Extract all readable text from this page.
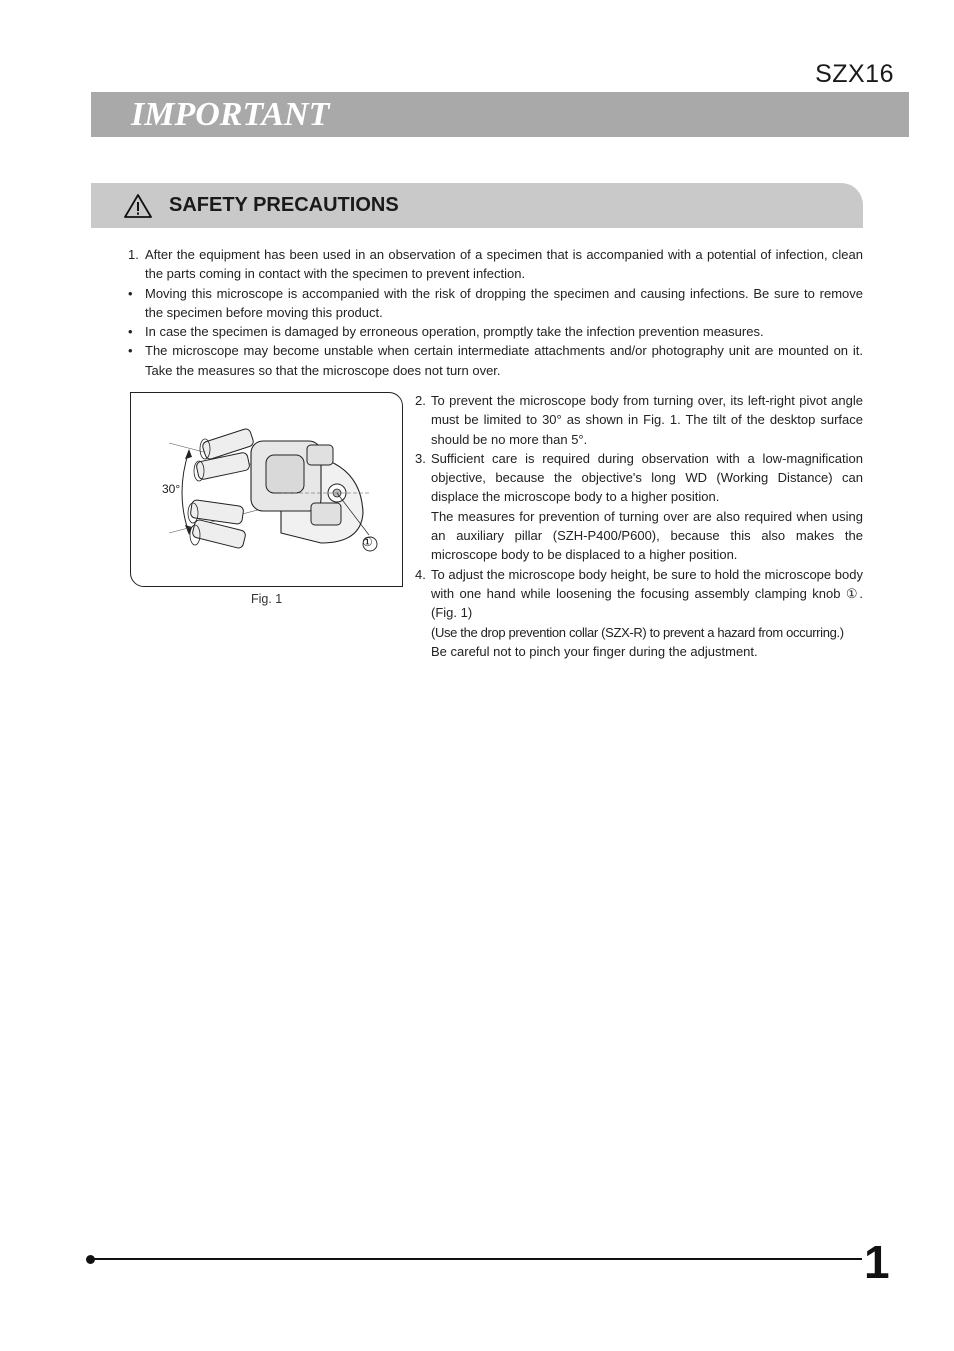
SZX16
IMPORTANT
SAFETY PRECAUTIONS

1. After the equipment has been used in an observation of a specimen that is accompanied with a potential of infection, clean the parts coming in contact with the specimen to prevent infection.

• Moving this microscope is accompanied with the risk of dropping the specimen and causing infections. Be sure to remove the specimen before moving this product.

• In case the specimen is damaged by erroneous operation, promptly take the infection prevention measures.

• The microscope may become unstable when certain intermediate attachments and/or photography unit are mounted on it. Take the measures so that the microscope does not turn over.

30°
①
Fig. 1

2. To prevent the microscope body from turning over, its left-right pivot angle must be limited to 30° as shown in Fig. 1. The tilt of the desktop surface should be no more than 5°.

3. Sufficient care is required during observation with a low-magnification objective, because the objective's long WD (Working Distance) can displace the microscope body to a higher position.

The measures for prevention of turning over are also required when using an auxiliary pillar (SZH-P400/P600), because this also makes the microscope body to be displaced to a higher position.

4. To adjust the microscope body height, be sure to hold the microscope body with one hand while loosening the focusing assembly clamping knob ①. (Fig. 1)

(Use the drop prevention collar (SZX-R) to prevent a hazard from occurring.)

Be careful not to pinch your finger during the adjustment.

1
